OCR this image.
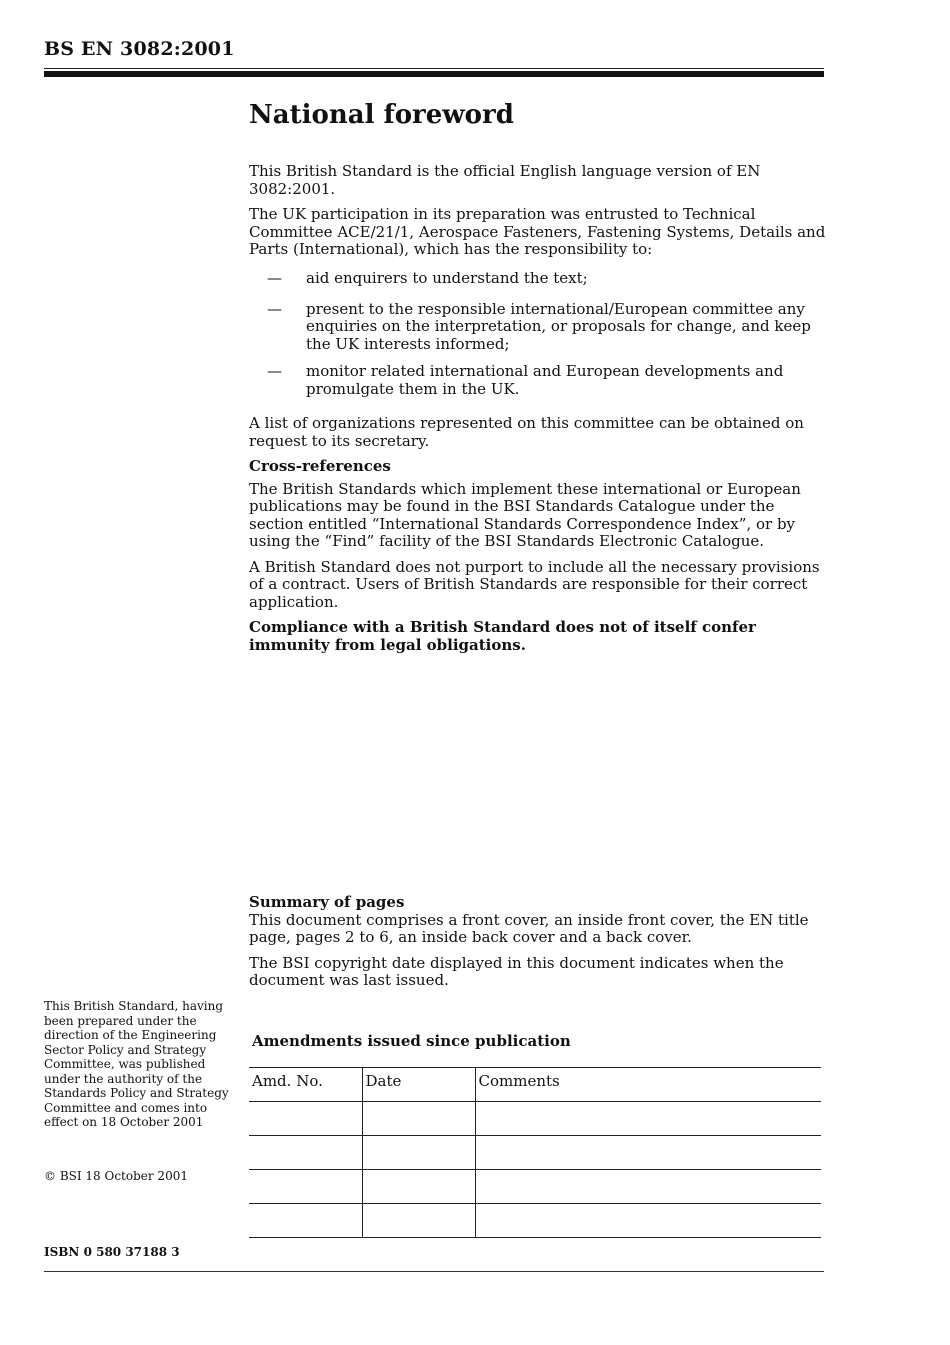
BS EN 3082:2001
National foreword

This British Standard is the official English language version of EN 3082:2001.

The UK participation in its preparation was entrusted to Technical Committee ACE/21/1, Aerospace Fasteners, Fastening Systems, Details and Parts (International), which has the responsibility to:

— aid enquirers to understand the text;
— present to the responsible international/European committee any enquiries on the interpretation, or proposals for change, and keep the UK interests informed;
— monitor related international and European developments and promulgate them in the UK.

A list of organizations represented on this committee can be obtained on request to its secretary.

Cross-references

The British Standards which implement these international or European publications may be found in the BSI Standards Catalogue under the section entitled “International Standards Correspondence Index”, or by using the “Find” facility of the BSI Standards Electronic Catalogue.

A British Standard does not purport to include all the necessary provisions of a contract. Users of British Standards are responsible for their correct application.

Compliance with a British Standard does not of itself confer immunity from legal obligations.

Summary of pages

This document comprises a front cover, an inside front cover, the EN title page, pages 2 to 6, an inside back cover and a back cover.

The BSI copyright date displayed in this document indicates when the document was last issued.

This British Standard, having been prepared under the direction of the Engineering Sector Policy and Strategy Committee, was published under the authority of the Standards Policy and Strategy Committee and comes into effect on 18 October 2001
© BSI 18 October 2001
ISBN 0 580 37188 3
Amendments issued since publication
Amd. No.	Date	Comments
